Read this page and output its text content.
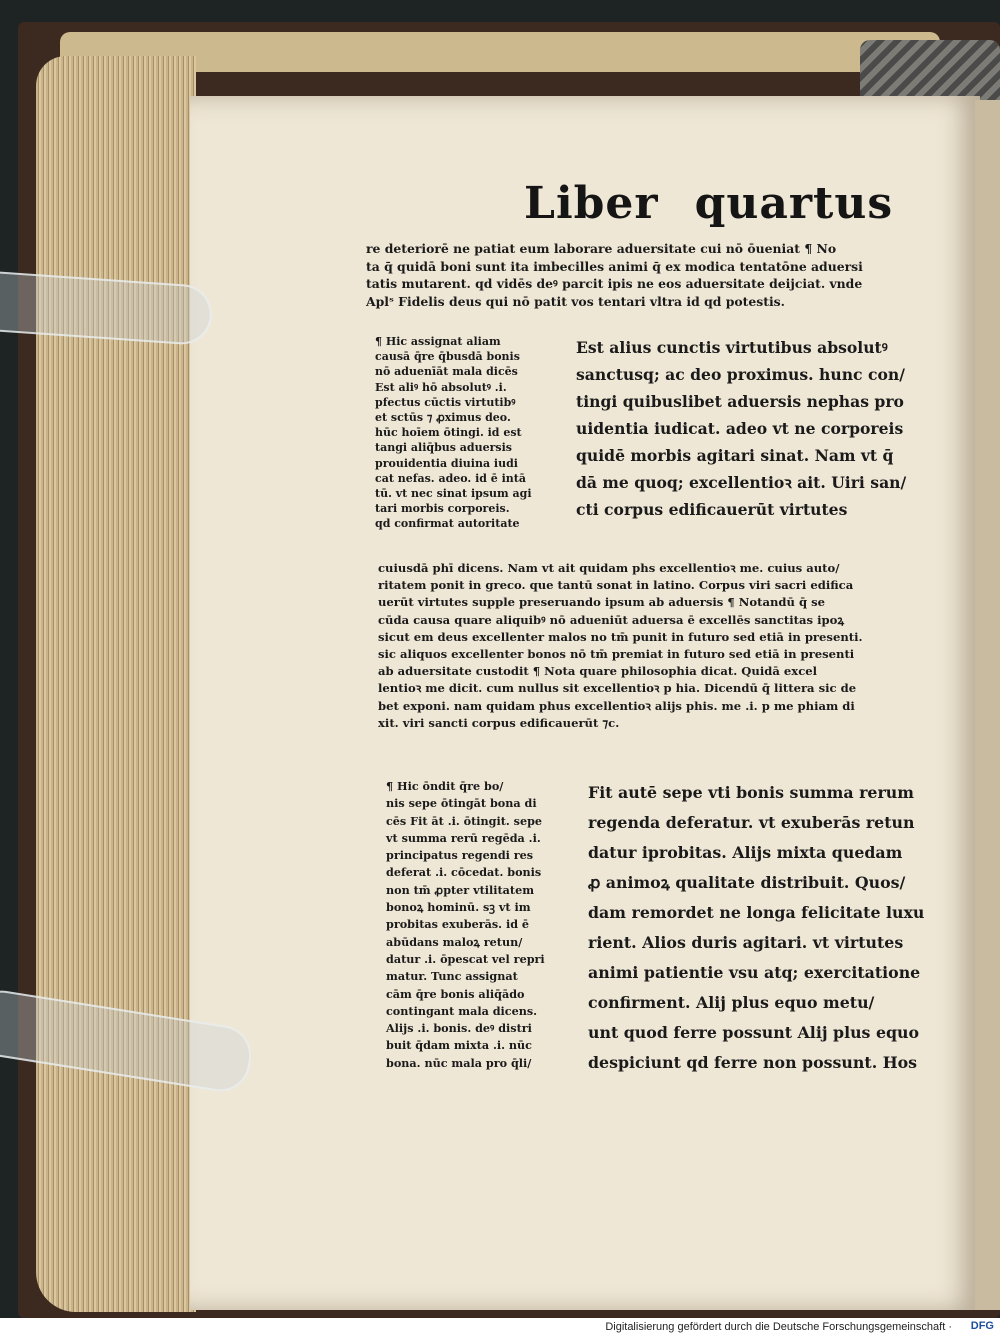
Liber quartus
re deteriorē ne patiat eum laborare aduersitate cui nō ōueniat ¶ No
ta q̄ quidā boni sunt ita imbecilles animi q̄ ex modica tentatōne aduersi
tatis mutarent. qd vidēs deꝰ parcit ipis ne eos aduersitate deijciat. vnde
Aplˢ Fidelis deus qui nō patit vos tentari vltra id qd potestis.
¶ Hic assignat aliam
causā q̄re q̄busdā bonis
nō aduenīāt mala dicēs
Est aliꝰ hō absolutꝰ .i.
pfectus cūctis virtutibꝰ
et sctūs ⁊ ꝓximus deo.
hūc hoīem ōtingi. id est
tangi aliq̄bus aduersis
prouidentia diuina iudi
cat nefas. adeo. id ē intā
tū. vt nec sinat ipsum agi
tari morbis corporeis.
qd confirmat autoritate
Est alius cunctis virtutibus absolutꝰ
sanctusq; ac deo proximus. hunc con/
tingi quibuslibet aduersis nephas pro
uidentia iudicat. adeo vt ne corporeis
quidē morbis agitari sinat. Nam vt q̄
dā me quoq; excellentioꝛ ait. Uiri san/
cti corpus edificauerūt virtutes
cuiusdā phī dicens. Nam vt ait quidam phs excellentioꝛ me. cuius auto/
ritatem ponit in greco. que tantū sonat in latino. Corpus viri sacri edifica
uerūt virtutes supple preseruando ipsum ab aduersis ¶ Notandū q̄ se
cūda causa quare aliquibꝰ nō adueniūt aduersa ē excellēs sanctitas ipoꝝ
sicut em deus excellenter malos no tm̄ punit in futuro sed etiā in presenti.
sic aliquos excellenter bonos nō tm̄ premiat in futuro sed etiā in presenti
ab aduersitate custodit ¶ Nota quare philosophia dicat. Quidā excel
lentioꝛ me dicit. cum nullus sit excellentioꝛ p hia. Dicendū q̄ littera sic de
bet exponi. nam quidam phus excellentioꝛ alijs phis. me .i. p me phiam di
xit. viri sancti corpus edificauerūt ⁊c.
¶ Hic ōndit q̄re bo/
nis sepe ōtingāt bona di
cēs Fit āt .i. ōtingit. sepe
vt summa rerū regēda .i.
principatus regendi res
deferat .i. cōcedat. bonis
non tm̄ ꝓpter vtilitatem
bonoꝝ hominū. sꝫ vt im
probitas exuberās. id ē
abūdans maloꝝ retun/
datur .i. ōpescat vel repri
matur. Tunc assignat
cām q̄re bonis aliq̄ādo
contingant mala dicens.
Alijs .i. bonis. deꝰ distri
buit q̄dam mixta .i. nūc
bona. nūc mala pro q̄li/
Fit autē sepe vti bonis summa rerum
regenda deferatur. vt exuberās retun
datur iprobitas. Alijs mixta quedam
ꝓ animoꝝ qualitate distribuit. Quos/
dam remordet ne longa felicitate luxu
rient. Alios duris agitari. vt virtutes
animi patientie vsu atq; exercitatione
confirment. Alij plus equo metu/
unt quod ferre possunt Alij plus equo
despiciunt qd ferre non possunt. Hos
Digitalisierung gefördert durch die Deutsche Forschungsgemeinschaft · DFG
